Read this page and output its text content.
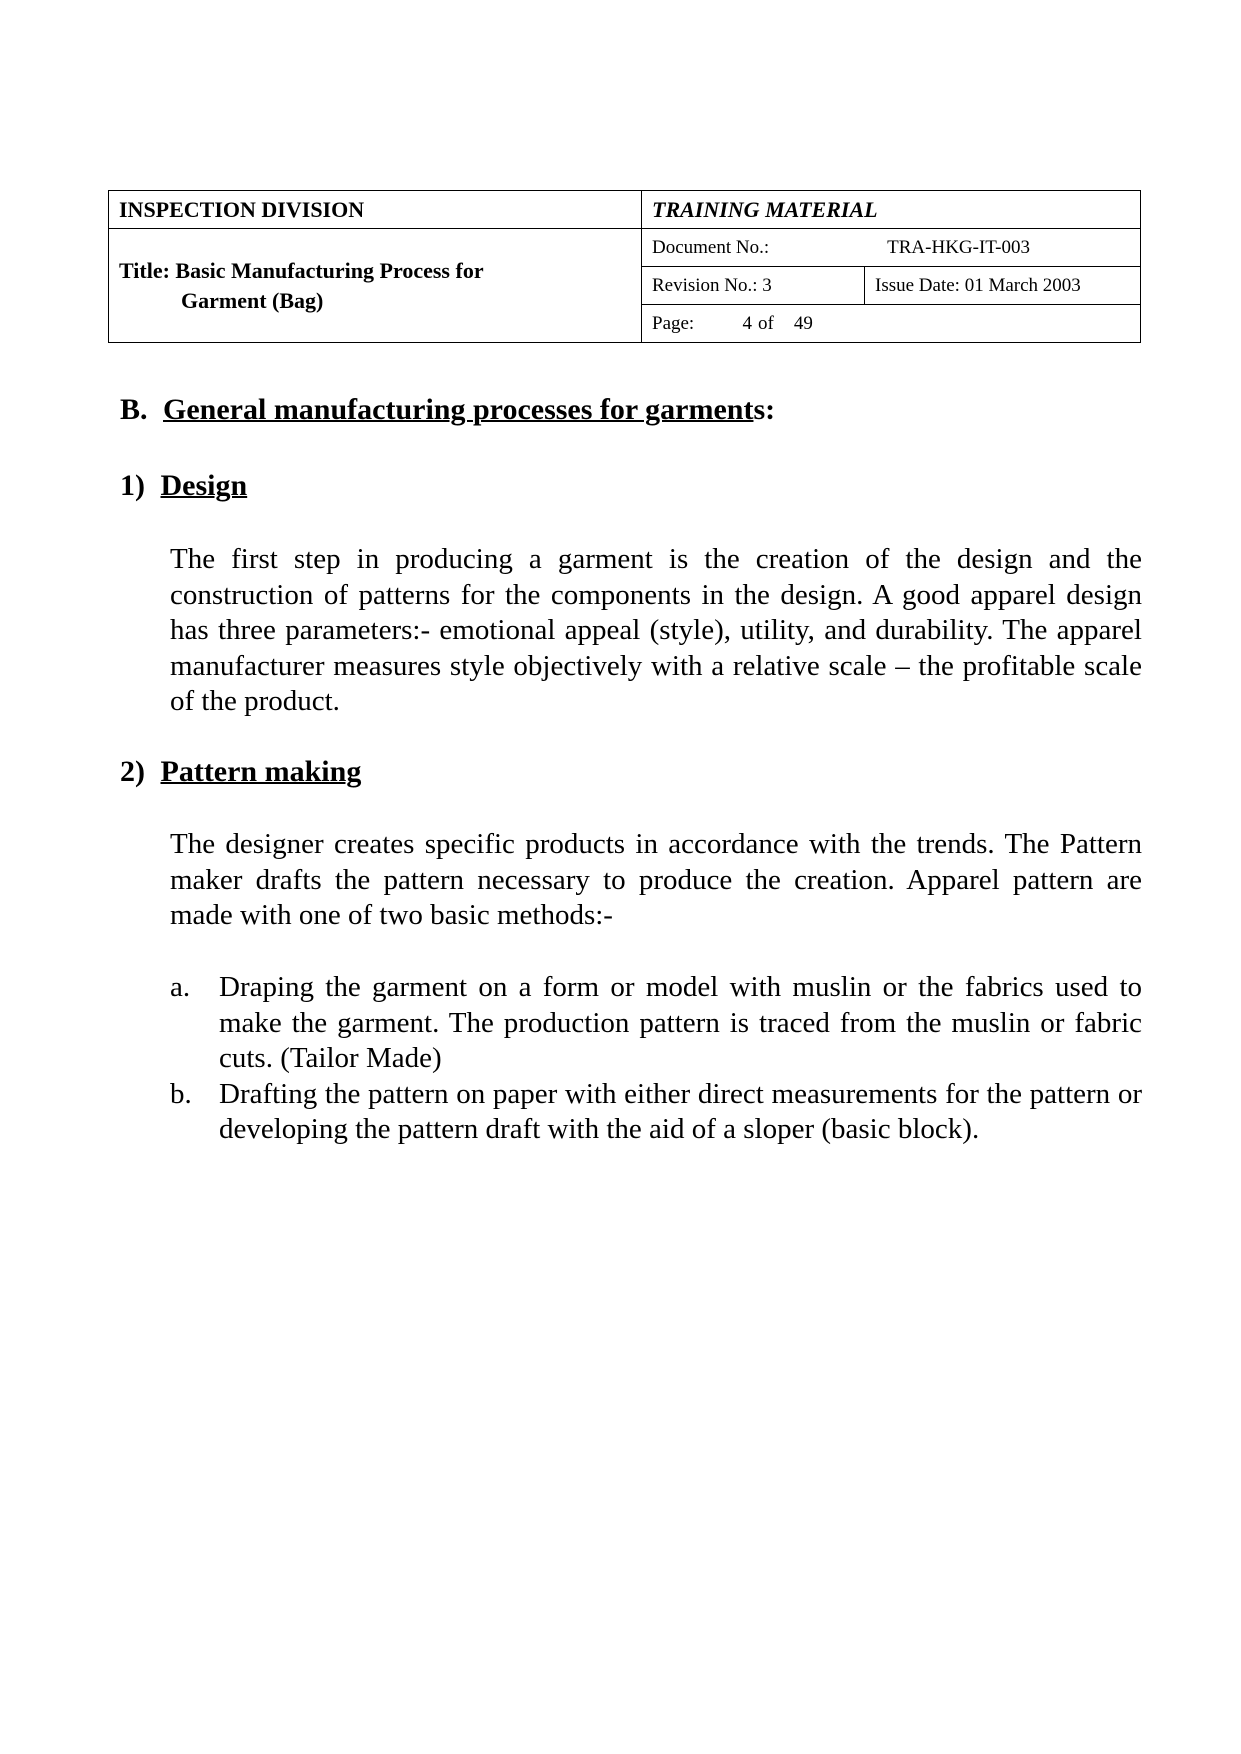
INSPECTION DIVISION	TRAINING MATERIAL	
Title: Basic Manufacturing Process for
Garment (Bag)	Document No.: TRA-HKG-IT-003	

	Revision No.: 3	Issue Date: 01 March 2003

	Page: 4 of 49	
B. General manufacturing processes for garments:
1) Design

The first step in producing a garment is the creation of the design and the construction of patterns for the components in the design. A good apparel design has three parameters:- emotional appeal (style), utility, and durability. The apparel manufacturer measures style objectively with a relative scale – the profitable scale of the product.

2) Pattern making

The designer creates specific products in accordance with the trends. The Pattern maker drafts the pattern necessary to produce the creation. Apparel pattern are made with one of two basic methods:-

a. Draping the garment on a form or model with muslin or the fabrics used to make the garment. The production pattern is traced from the muslin or fabric cuts. (Tailor Made)
b. Drafting the pattern on paper with either direct measurements for the pattern or developing the pattern draft with the aid of a sloper (basic block).
